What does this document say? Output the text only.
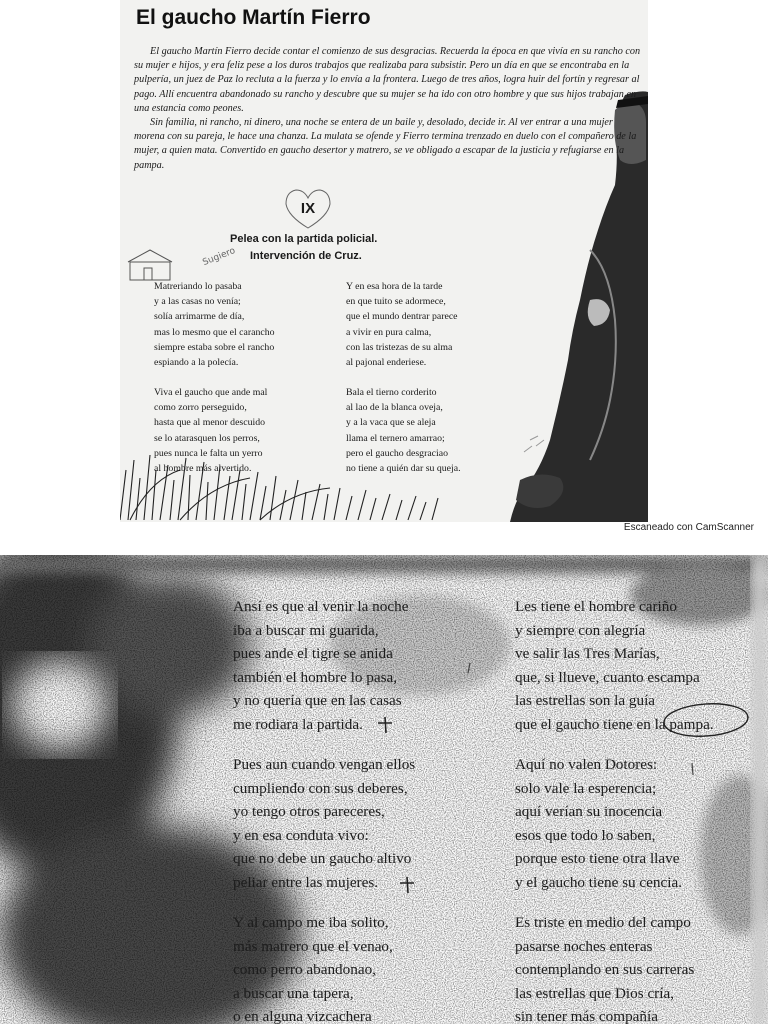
El gaucho Martín Fierro

El gaucho Martín Fierro decide contar el comienzo de sus desgracias. Recuerda la época en que vivía en su rancho con su mujer e hijos, y era feliz pese a los duros trabajos que realizaba para subsistir. Pero un día en que se encontraba en la pulpería, un juez de Paz lo recluta a la fuerza y lo envía a la frontera. Luego de tres años, logra huir del fortín y regresar al pago. Allí encuentra abandonado su rancho y descubre que su mujer se ha ido con otro hombre y que sus hijos trabajan en una estancia como peones.

Sin familia, ni rancho, ni dinero, una noche se entera de un baile y, desolado, decide ir. Al ver entrar a una mujer morena con su pareja, le hace una chanza. La mulata se ofende y Fierro termina trenzado en duelo con el compañero de la mujer, a quien mata. Convertido en gaucho desertor y matrero, se ve obligado a escapar de la justicia y refugiarse en la pampa.

IX
Pelea con la partida policial.
Intervención de Cruz.
Sugiero
Matreriando lo pasaba
y a las casas no venía;
solía arrimarme de día,
mas lo mesmo que el carancho
siempre estaba sobre el rancho
espiando a la polecía.
Y en esa hora de la tarde
en que tuito se adormece,
que el mundo dentrar parece
a vivir en pura calma,
con las tristezas de su alma
al pajonal enderiese.
Viva el gaucho que ande mal
como zorro perseguido,
hasta que al menor descuido
se lo atarasquen los perros,
pues nunca le falta un yerro
al hombre más alvertido.
Bala el tierno corderito
al lao de la blanca oveja,
y a la vaca que se aleja
llama el ternero amarrao;
pero el gaucho desgraciao
no tiene a quién dar su queja.
Escaneado con CamScanner
Ansí es que al venir la noche
iba a buscar mi guarida,
pues ande el tigre se anida
también el hombre lo pasa,
y no quería que en las casas
me rodiara la partida.
Les tiene el hombre cariño
y siempre con alegría
ve salir las Tres Marías,
que, si llueve, cuanto escampa
las estrellas son la guía
que el gaucho tiene en la pampa.
Pues aun cuando vengan ellos
cumpliendo con sus deberes,
yo tengo otros pareceres,
y en esa conduta vivo:
que no debe un gaucho altivo
peliar entre las mujeres.
Aquí no valen Dotores:
solo vale la esperencia;
aquí verían su inocencia
esos que todo lo saben,
porque esto tiene otra llave
y el gaucho tiene su cencia.
Y al campo me iba solito,
más matrero que el venao,
como perro abandonao,
a buscar una tapera,
o en alguna vizcachera
Es triste en medio del campo
pasarse noches enteras
contemplando en sus carreras
las estrellas que Dios cría,
sin tener más compañía
